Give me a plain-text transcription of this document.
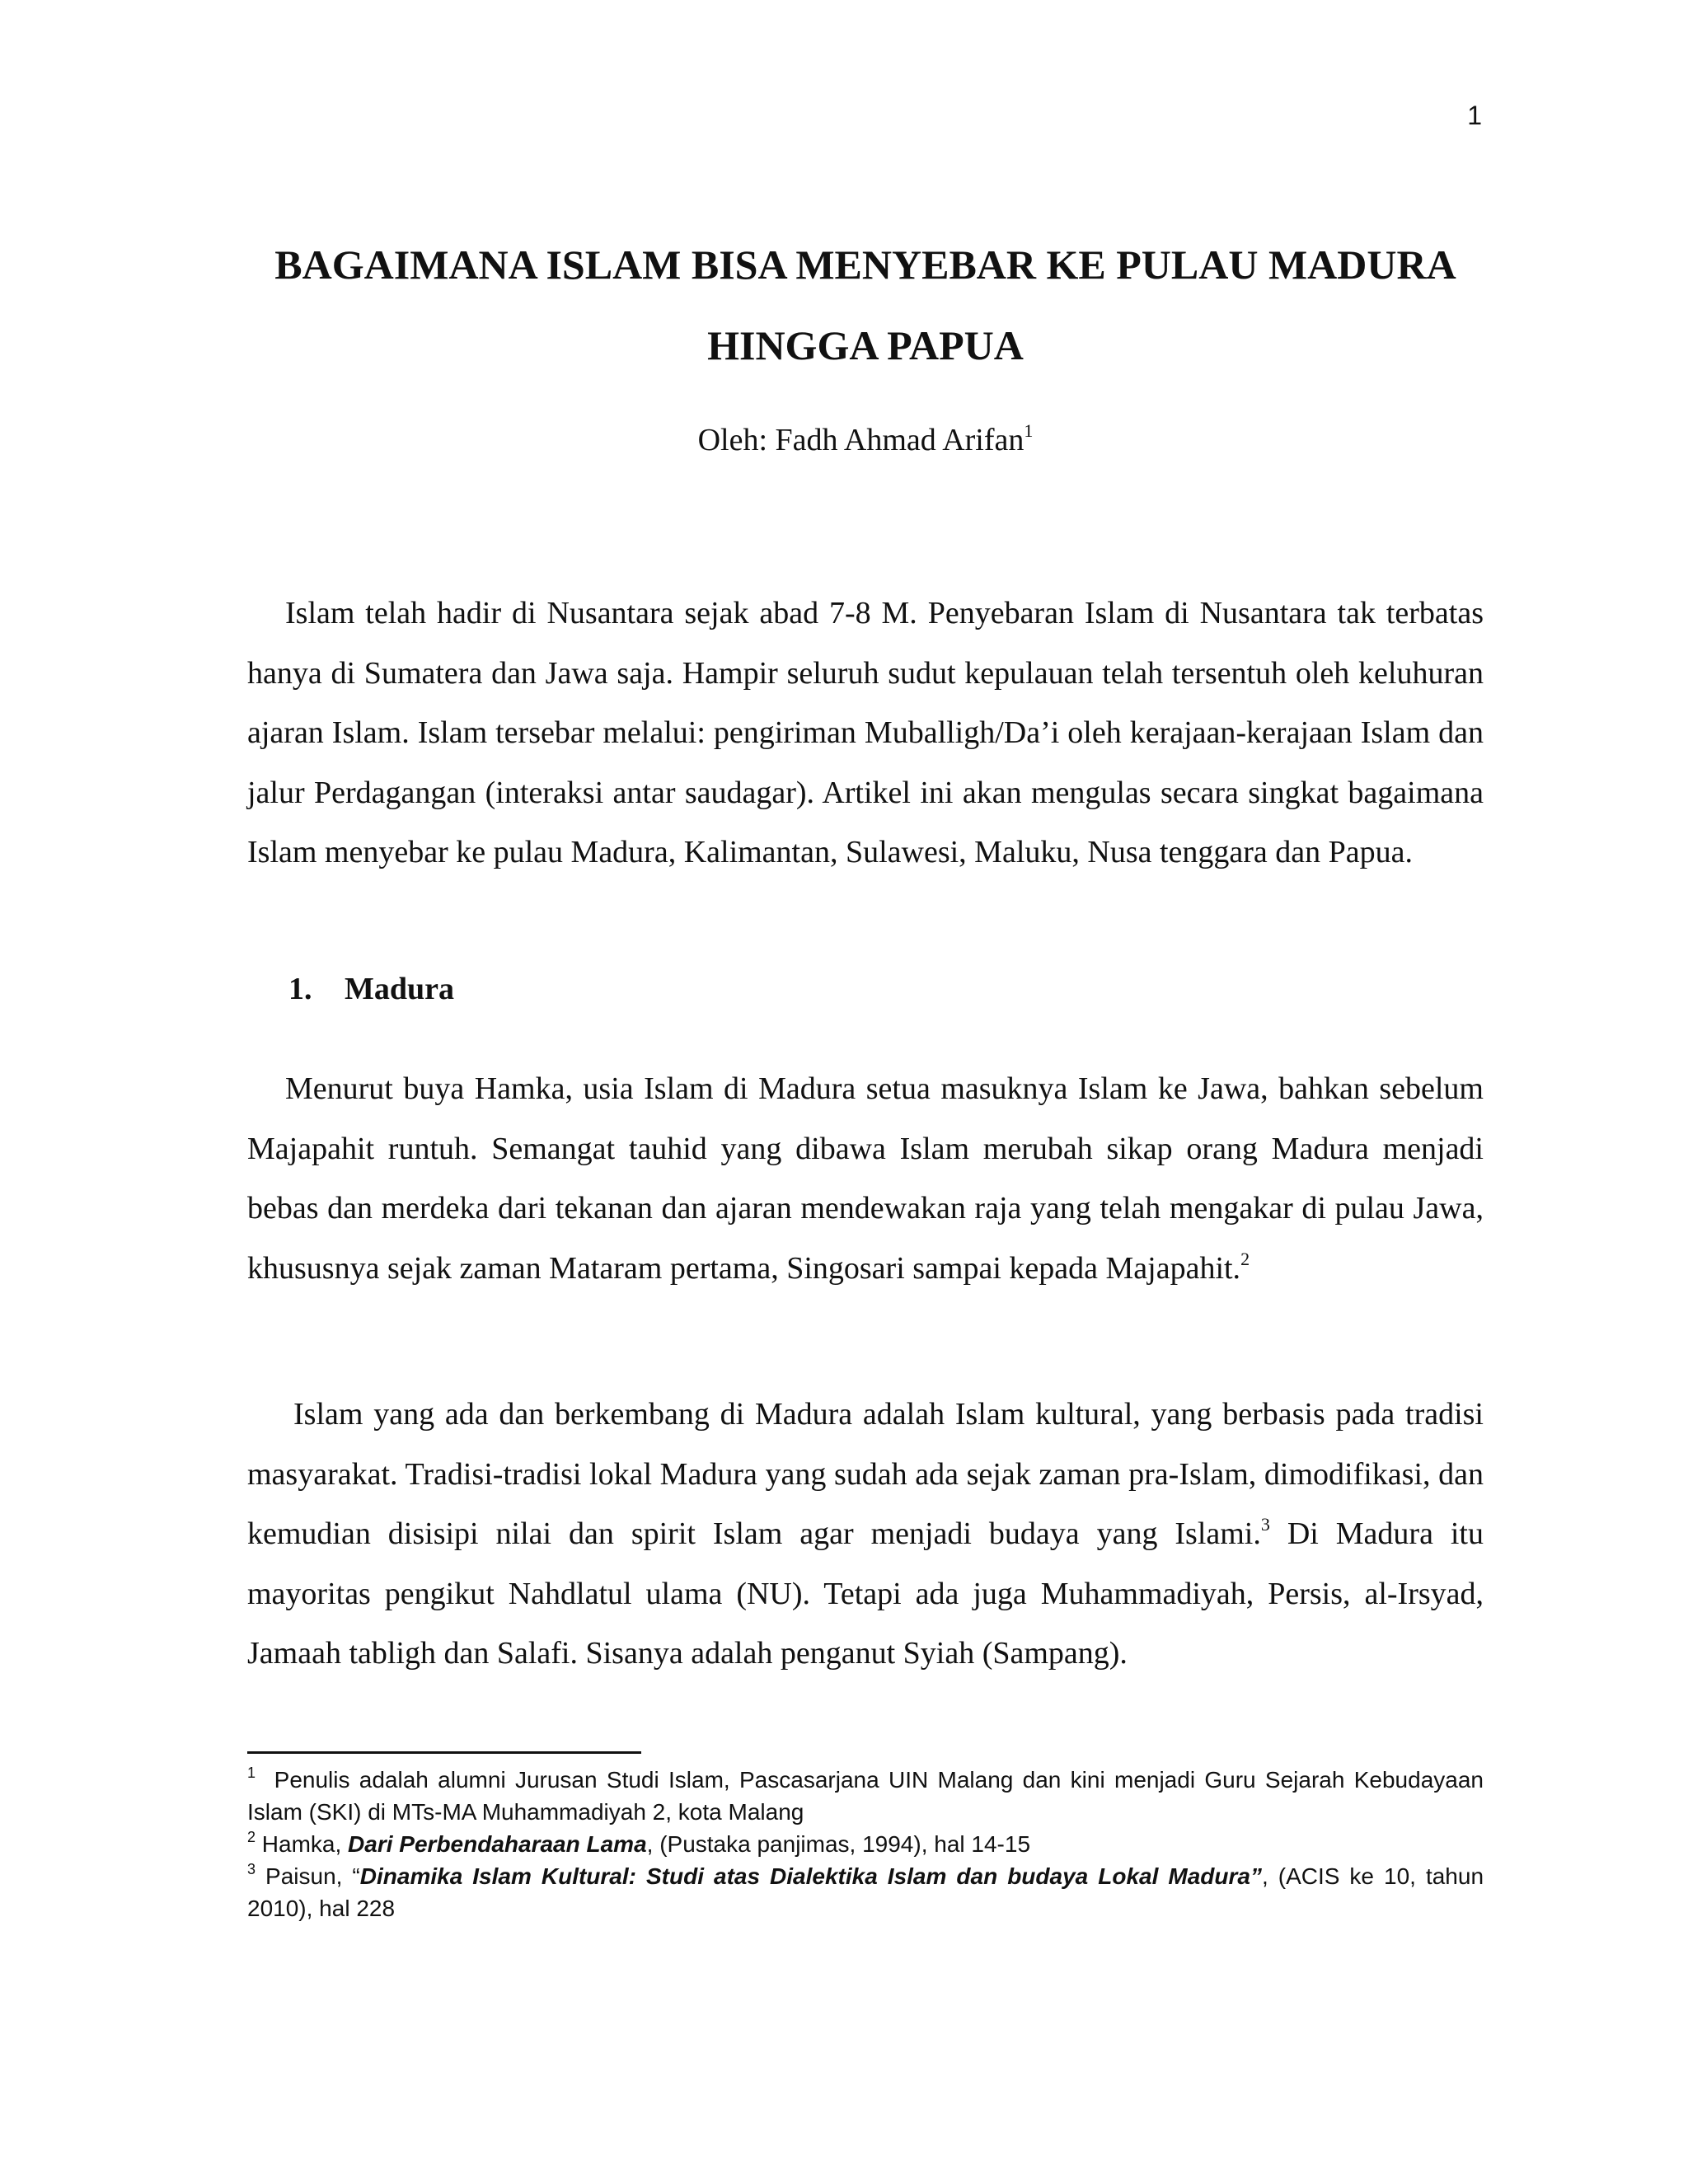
1
BAGAIMANA ISLAM BISA MENYEBAR KE PULAU MADURA
HINGGA PAPUA

Oleh: Fadh Ahmad Arifan$^1$

Islam telah hadir di Nusantara sejak abad 7-8 M. Penyebaran Islam di Nusantara tak terbatas hanya di Sumatera dan Jawa saja. Hampir seluruh sudut kepulauan telah tersentuh oleh keluhuran ajaran Islam. Islam tersebar melalui: pengiriman Muballigh/Da’i oleh kerajaan-kerajaan Islam dan jalur Perdagangan (interaksi antar saudagar). Artikel ini akan mengulas secara singkat bagaimana Islam menyebar ke pulau Madura, Kalimantan, Sulawesi, Maluku, Nusa tenggara dan Papua.

1. Madura

Menurut buya Hamka, usia Islam di Madura setua masuknya Islam ke Jawa, bahkan sebelum Majapahit runtuh. Semangat tauhid yang dibawa Islam merubah sikap orang Madura menjadi bebas dan merdeka dari tekanan dan ajaran mendewakan raja yang telah mengakar di pulau Jawa, khususnya sejak zaman Mataram pertama, Singosari sampai kepada Majapahit.$^2$

Islam yang ada dan berkembang di Madura adalah Islam kultural, yang berbasis pada tradisi masyarakat. Tradisi-tradisi lokal Madura yang sudah ada sejak zaman pra-Islam, dimodifikasi, dan kemudian disisipi nilai dan spirit Islam agar menjadi budaya yang Islami.$^3$ Di Madura itu mayoritas pengikut Nahdlatul ulama (NU). Tetapi ada juga Muhammadiyah, Persis, al-Irsyad, Jamaah tabligh dan Salafi. Sisanya adalah penganut Syiah (Sampang).

$^1$ Penulis adalah alumni Jurusan Studi Islam, Pascasarjana UIN Malang dan kini menjadi Guru Sejarah Kebudayaan Islam (SKI) di MTs-MA Muhammadiyah 2, kota Malang

$^2$ Hamka, Dari Perbendaharaan Lama, (Pustaka panjimas, 1994), hal 14-15

$^3$ Paisun, “Dinamika Islam Kultural: Studi atas Dialektika Islam dan budaya Lokal Madura”, (ACIS ke 10, tahun 2010), hal 228
